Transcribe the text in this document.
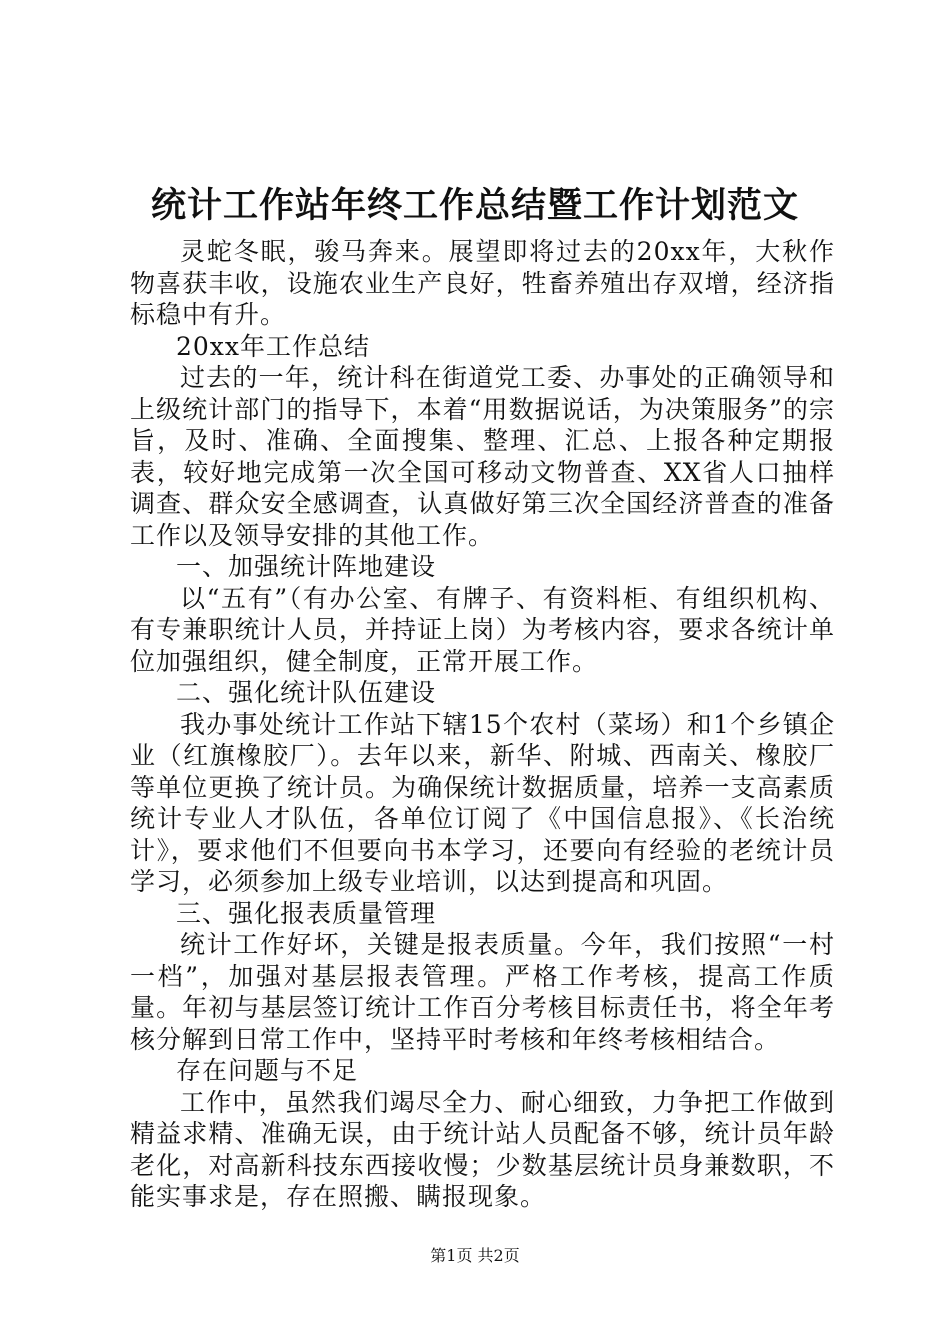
统计工作站年终工作总结暨工作计划范文

灵蛇冬眠，骏马奔来。展望即将过去的20xx年，大秋作物喜获丰收，设施农业生产良好，牲畜养殖出存双增，经济指标稳中有升。

20xx年工作总结

过去的一年，统计科在街道党工委、办事处的正确领导和上级统计部门的指导下，本着“用数据说话，为决策服务”的宗旨，及时、准确、全面搜集、整理、汇总、上报各种定期报表，较好地完成第一次全国可移动文物普查、XX省人口抽样调查、群众安全感调查，认真做好第三次全国经济普查的准备工作以及领导安排的其他工作。

一、加强统计阵地建设

以“五有”（有办公室、有牌子、有资料柜、有组织机构、有专兼职统计人员，并持证上岗）为考核内容，要求各统计单位加强组织，健全制度，正常开展工作。

二、强化统计队伍建设

我办事处统计工作站下辖15个农村（菜场）和1个乡镇企业（红旗橡胶厂）。去年以来，新华、附城、西南关、橡胶厂等单位更换了统计员。为确保统计数据质量，培养一支高素质统计专业人才队伍，各单位订阅了《中国信息报》、《长治统计》，要求他们不但要向书本学习，还要向有经验的老统计员学习，必须参加上级专业培训，以达到提高和巩固。

三、强化报表质量管理

统计工作好坏，关键是报表质量。今年，我们按照“一村一档”，加强对基层报表管理。严格工作考核，提高工作质量。年初与基层签订统计工作百分考核目标责任书，将全年考核分解到日常工作中，坚持平时考核和年终考核相结合。

存在问题与不足

工作中，虽然我们竭尽全力、耐心细致，力争把工作做到精益求精、准确无误，由于统计站人员配备不够，统计员年龄老化，对高新科技东西接收慢；少数基层统计员身兼数职，不能实事求是，存在照搬、瞒报现象。

第1页 共2页
